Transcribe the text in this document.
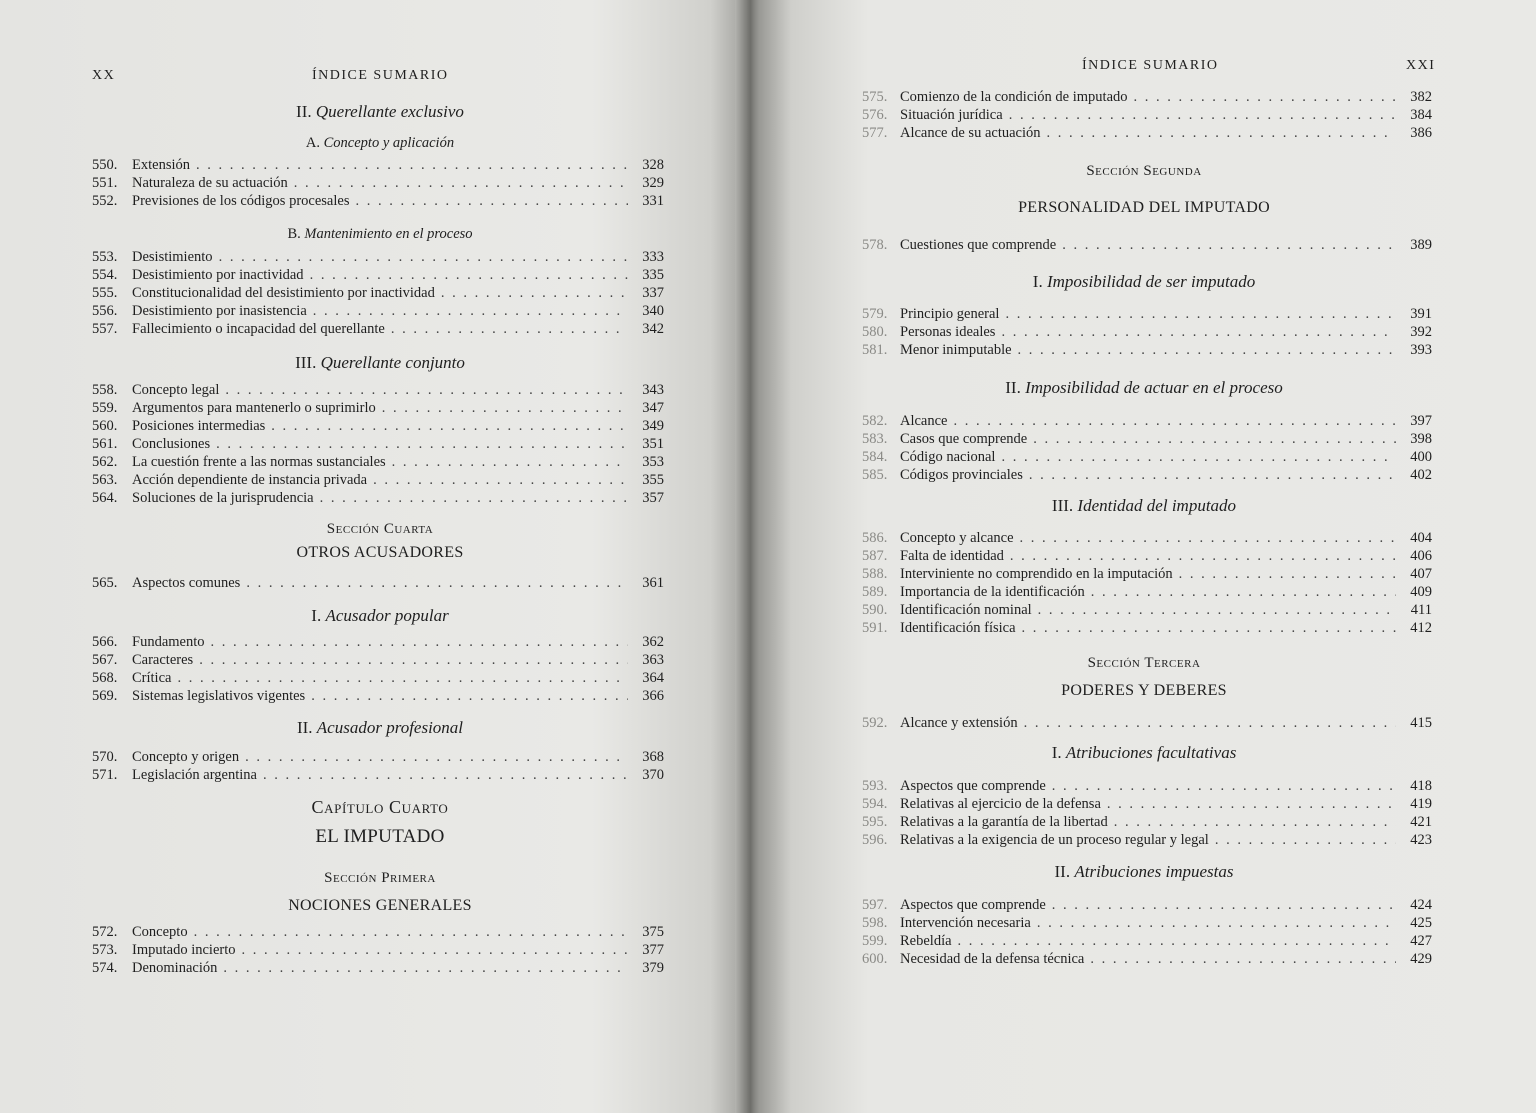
XX	ÍNDICE SUMARIO
II. Querellante exclusivo
A. Concepto y aplicación
550.	Extensión . . .	328
551.	Naturaleza de su actuación . . .	329
552.	Previsiones de los códigos procesales . . .	331
B. Mantenimiento en el proceso
553.	Desistimiento . . .	333
554.	Desistimiento por inactividad . . .	335
555.	Constitucionalidad del desistimiento por inactividad . . .	337
556.	Desistimiento por inasistencia . . .	340
557.	Fallecimiento o incapacidad del querellante . . .	342
III. Querellante conjunto
558.	Concepto legal . . .	343
559.	Argumentos para mantenerlo o suprimirlo . . .	347
560.	Posiciones intermedias . . .	349
561.	Conclusiones . . .	351
562.	La cuestión frente a las normas sustanciales . . .	353
563.	Acción dependiente de instancia privada . . .	355
564.	Soluciones de la jurisprudencia . . .	357
Sección Cuarta
OTROS ACUSADORES
565.	Aspectos comunes . . .	361
I. Acusador popular
566.	Fundamento . . .	362
567.	Caracteres . . .	363
568.	Crítica . . .	364
569.	Sistemas legislativos vigentes . . .	366
II. Acusador profesional
570.	Concepto y origen . . .	368
571.	Legislación argentina . . .	370
Capítulo Cuarto
EL IMPUTADO
Sección Primera
NOCIONES GENERALES
572.	Concepto . . .	375
573.	Imputado incierto . . .	377
574.	Denominación . . .	379
ÍNDICE SUMARIO	XXI
575. Comienzo de la condición de imputado . . .	382
576. Situación jurídica . . .	384
577. Alcance de su actuación . . .	386
Sección Segunda
PERSONALIDAD DEL IMPUTADO
578. Cuestiones que comprende . . .	389
I. Imposibilidad de ser imputado
579. Principio general . . .	391
580. Personas ideales . . .	392
581. Menor inimputable . . .	393
II. Imposibilidad de actuar en el proceso
582. Alcance . . .	397
583. Casos que comprende . . .	398
584. Código nacional . . .	400
585. Códigos provinciales . . .	402
III. Identidad del imputado
586. Concepto y alcance . . .	404
587. Falta de identidad . . .	406
588. Interviniente no comprendido en la imputación . . .	407
589. Importancia de la identificación . . .	409
590. Identificación nominal . . .	411
591. Identificación física . . .	412
Sección Tercera
PODERES Y DEBERES
592. Alcance y extensión . . .	415
I. Atribuciones facultativas
593. Aspectos que comprende . . .	418
594. Relativas al ejercicio de la defensa . . .	419
595. Relativas a la garantía de la libertad . . .	421
596. Relativas a la exigencia de un proceso regular y legal . . .	423
II. Atribuciones impuestas
597. Aspectos que comprende . . .	424
598. Intervención necesaria . . .	425
599. Rebeldía . . .	427
600. Necesidad de la defensa técnica . . .	429
